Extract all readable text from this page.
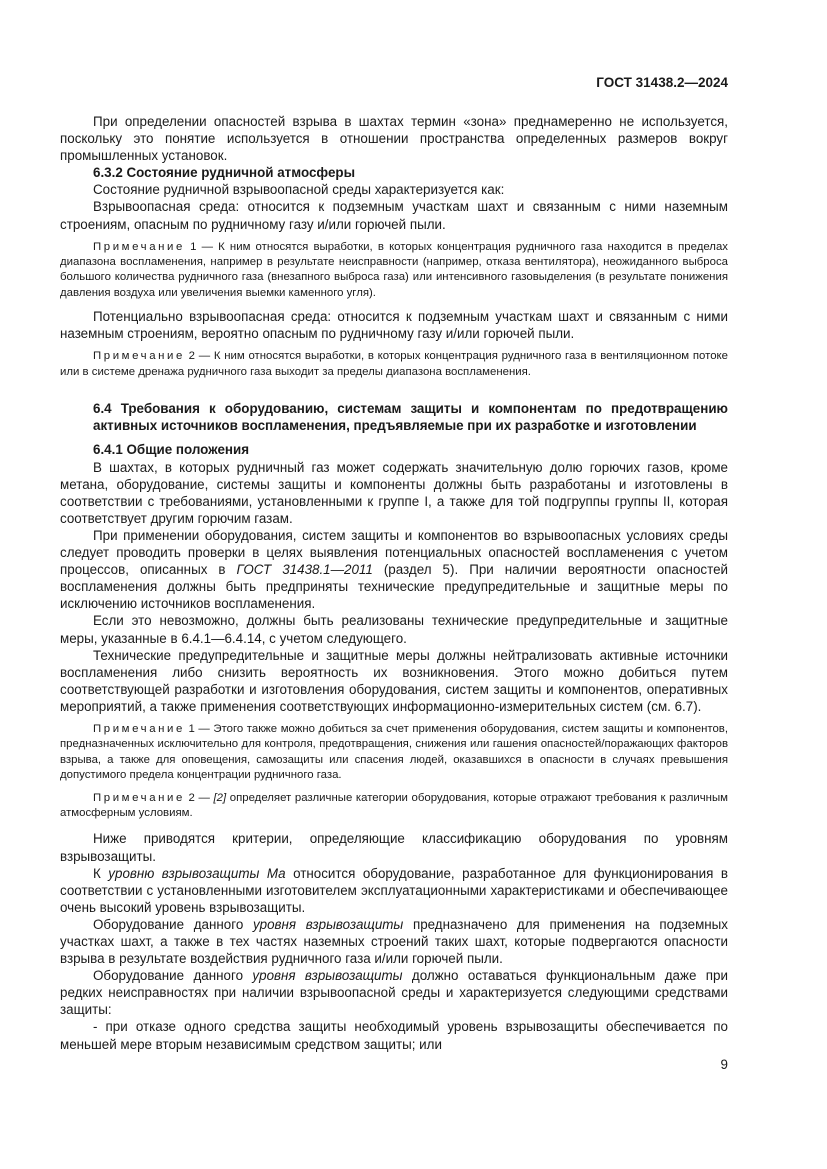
ГОСТ 31438.2—2024

При определении опасностей взрыва в шахтах термин «зона» преднамеренно не используется, поскольку это понятие используется в отношении пространства определенных размеров вокруг промышленных установок.

6.3.2 Состояние рудничной атмосферы

Состояние рудничной взрывоопасной среды характеризуется как:

Взрывоопасная среда: относится к подземным участкам шахт и связанным с ними наземным строениям, опасным по рудничному газу и/или горючей пыли.

Примечание 1 — К ним относятся выработки, в которых концентрация рудничного газа находится в пределах диапазона воспламенения, например в результате неисправности (например, отказа вентилятора), неожиданного выброса большого количества рудничного газа (внезапного выброса газа) или интенсивного газовыделения (в результате понижения давления воздуха или увеличения выемки каменного угля).

Потенциально взрывоопасная среда: относится к подземным участкам шахт и связанным с ними наземным строениям, вероятно опасным по рудничному газу и/или горючей пыли.

Примечание 2 — К ним относятся выработки, в которых концентрация рудничного газа в вентиляционном потоке или в системе дренажа рудничного газа выходит за пределы диапазона воспламенения.

6.4 Требования к оборудованию, системам защиты и компонентам по предотвращению активных источников воспламенения, предъявляемые при их разработке и изготовлении

6.4.1 Общие положения

В шахтах, в которых рудничный газ может содержать значительную долю горючих газов, кроме метана, оборудование, системы защиты и компоненты должны быть разработаны и изготовлены в соответствии с требованиями, установленными к группе I, а также для той подгруппы группы II, которая соответствует другим горючим газам.

При применении оборудования, систем защиты и компонентов во взрывоопасных условиях среды следует проводить проверки в целях выявления потенциальных опасностей воспламенения с учетом процессов, описанных в ГОСТ 31438.1—2011 (раздел 5). При наличии вероятности опасностей воспламенения должны быть предприняты технические предупредительные и защитные меры по исключению источников воспламенения.

Если это невозможно, должны быть реализованы технические предупредительные и защитные меры, указанные в 6.4.1—6.4.14, с учетом следующего.

Технические предупредительные и защитные меры должны нейтрализовать активные источники воспламенения либо снизить вероятность их возникновения. Этого можно добиться путем соответствующей разработки и изготовления оборудования, систем защиты и компонентов, оперативных мероприятий, а также применения соответствующих информационно-измерительных систем (см. 6.7).

Примечание 1 — Этого также можно добиться за счет применения оборудования, систем защиты и компонентов, предназначенных исключительно для контроля, предотвращения, снижения или гашения опасностей/поражающих факторов взрыва, а также для оповещения, самозащиты или спасения людей, оказавшихся в опасности в случаях превышения допустимого предела концентрации рудничного газа.

Примечание 2 — [2] определяет различные категории оборудования, которые отражают требования к различным атмосферным условиям.

Ниже приводятся критерии, определяющие классификацию оборудования по уровням взрывозащиты.

К уровню взрывозащиты Ма относится оборудование, разработанное для функционирования в соответствии с установленными изготовителем эксплуатационными характеристиками и обеспечивающее очень высокий уровень взрывозащиты.

Оборудование данного уровня взрывозащиты предназначено для применения на подземных участках шахт, а также в тех частях наземных строений таких шахт, которые подвергаются опасности взрыва в результате воздействия рудничного газа и/или горючей пыли.

Оборудование данного уровня взрывозащиты должно оставаться функциональным даже при редких неисправностях при наличии взрывоопасной среды и характеризуется следующими средствами защиты:

- при отказе одного средства защиты необходимый уровень взрывозащиты обеспечивается по меньшей мере вторым независимым средством защиты; или

9
